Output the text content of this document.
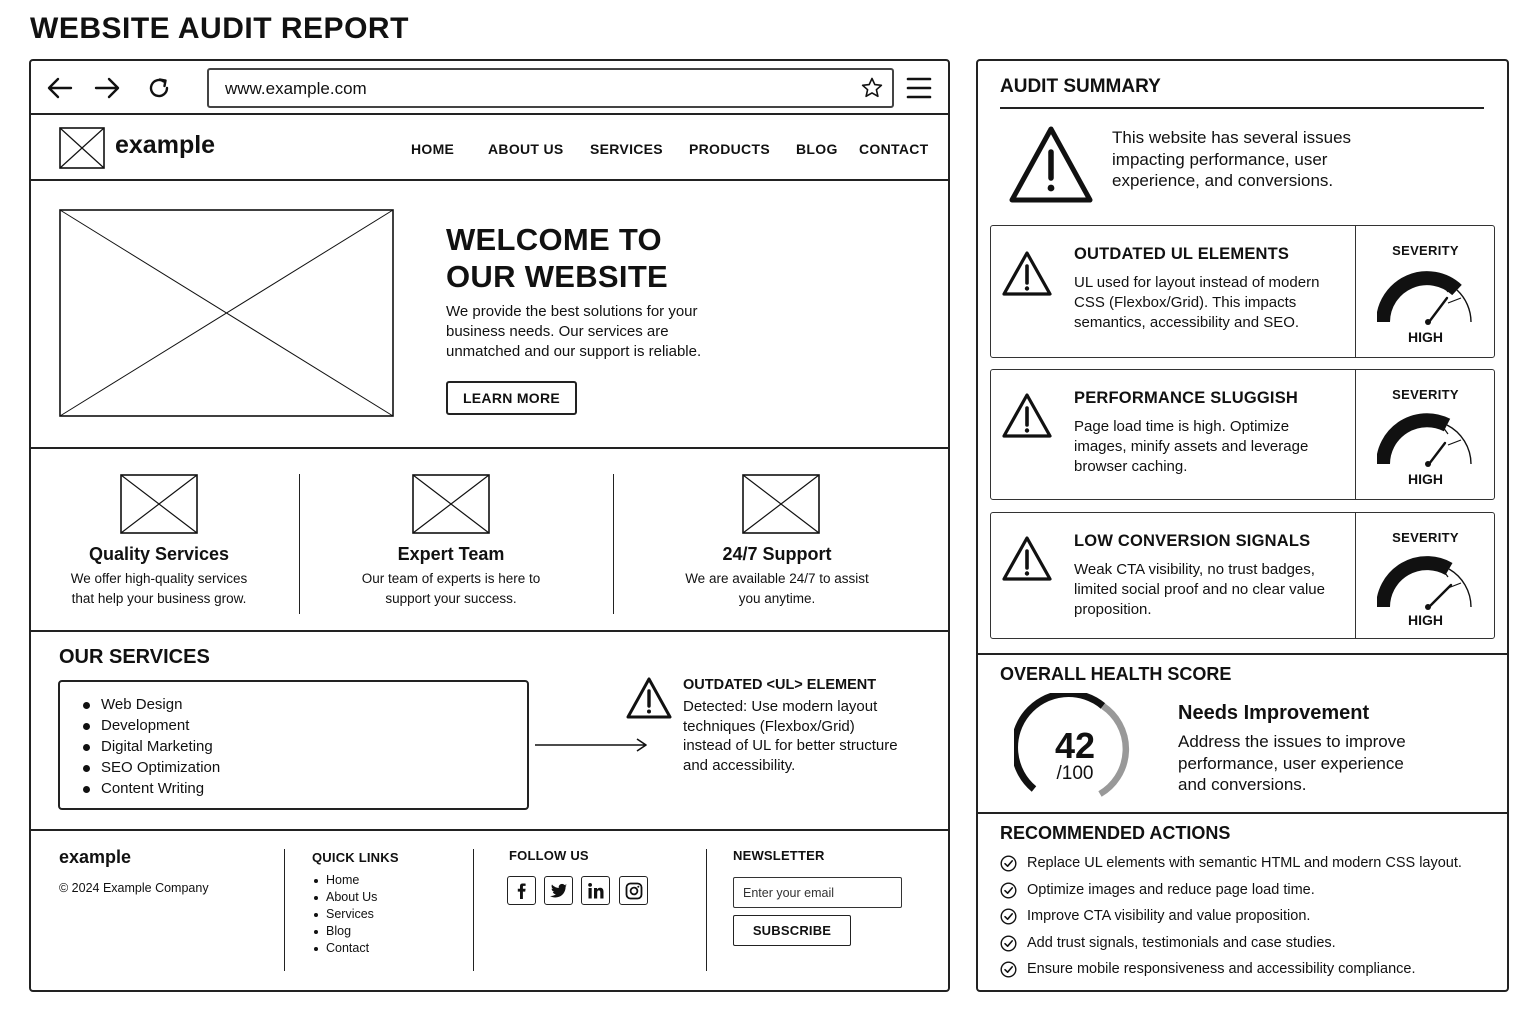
WEBSITE AUDIT REPORT
www.example.com
example	HOME ABOUT US SERVICES PRODUCTS BLOG CONTACT
WELCOME TO
OUR WEBSITE
We provide the best solutions for your business needs. Our services are unmatched and our support is reliable.
LEARN MORE
Quality Services
We offer high-quality services
that help your business grow.
Expert Team
Our team of experts is here to
support your success.
24/7 Support
We are available 24/7 to assist
you anytime.
OUR SERVICES
Web Design
Development
Digital Marketing
SEO Optimization
Content Writing
OUTDATED <UL> ELEMENT
Detected: Use modern layout techniques (Flexbox/Grid) instead of UL for better structure and accessibility.
example
© 2024 Example Company
QUICK LINKS
Home
About Us
Services
Blog
Contact
FOLLOW US	NEWSLETTER
Enter your email
SUBSCRIBE
AUDIT SUMMARY
This website has several issues impacting performance, user experience, and conversions.
OUTDATED UL ELEMENTS
UL used for layout instead of modern CSS (Flexbox/Grid). This impacts semantics, accessibility and SEO.
SEVERITY
HIGH
PERFORMANCE SLUGGISH
Page load time is high. Optimize images, minify assets and leverage browser caching.
SEVERITY
HIGH
LOW CONVERSION SIGNALS
Weak CTA visibility, no trust badges, limited social proof and no clear value proposition.
SEVERITY
HIGH
OVERALL HEALTH SCORE
42
/100
Needs Improvement
Address the issues to improve performance, user experience and conversions.
RECOMMENDED ACTIONS
Replace UL elements with semantic HTML and modern CSS layout.
Optimize images and reduce page load time.
Improve CTA visibility and value proposition.
Add trust signals, testimonials and case studies.
Ensure mobile responsiveness and accessibility compliance.
